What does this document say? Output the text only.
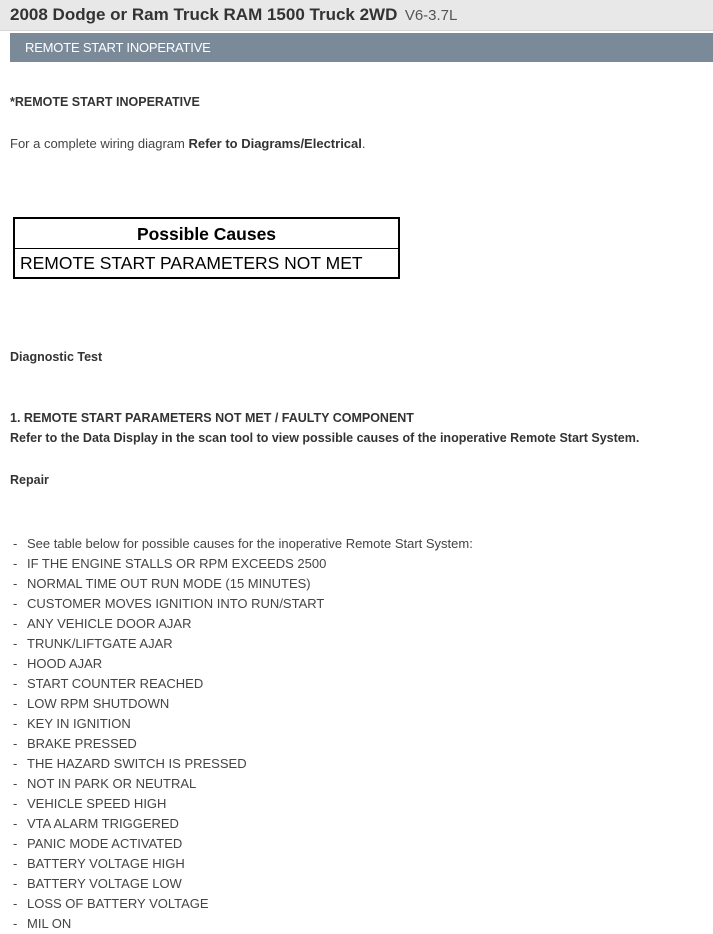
2008 Dodge or Ram Truck RAM 1500 Truck 2WD V6-3.7L
REMOTE START INOPERATIVE
*REMOTE START INOPERATIVE
For a complete wiring diagram Refer to Diagrams/Electrical.
Possible Causes
REMOTE START PARAMETERS NOT MET
Diagnostic Test
1. REMOTE START PARAMETERS NOT MET / FAULTY COMPONENT
Refer to the Data Display in the scan tool to view possible causes of the inoperative Remote Start System.
Repair
- See table below for possible causes for the inoperative Remote Start System:
- IF THE ENGINE STALLS OR RPM EXCEEDS 2500
- NORMAL TIME OUT RUN MODE (15 MINUTES)
- CUSTOMER MOVES IGNITION INTO RUN/START
- ANY VEHICLE DOOR AJAR
- TRUNK/LIFTGATE AJAR
- HOOD AJAR
- START COUNTER REACHED
- LOW RPM SHUTDOWN
- KEY IN IGNITION
- BRAKE PRESSED
- THE HAZARD SWITCH IS PRESSED
- NOT IN PARK OR NEUTRAL
- VEHICLE SPEED HIGH
- VTA ALARM TRIGGERED
- PANIC MODE ACTIVATED
- BATTERY VOLTAGE HIGH
- BATTERY VOLTAGE LOW
- LOSS OF BATTERY VOLTAGE
- MIL ON
